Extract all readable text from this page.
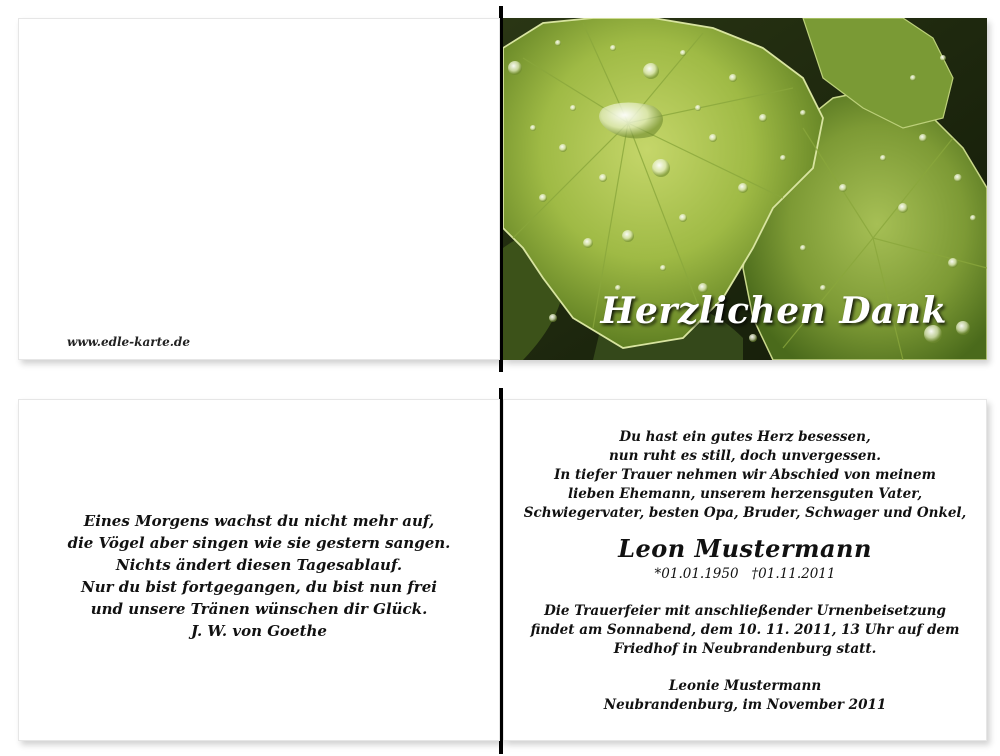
www.edle-karte.de
Herzlichen Dank
Eines Morgens wachst du nicht mehr auf,
die Vögel aber singen wie sie gestern sangen.
Nichts ändert diesen Tagesablauf.
Nur du bist fortgegangen, du bist nun frei
und unsere Tränen wünschen dir Glück.
J. W. von Goethe
Du hast ein gutes Herz besessen,
nun ruht es still, doch unvergessen.
In tiefer Trauer nehmen wir Abschied von meinem
lieben Ehemann, unserem herzensguten Vater,
Schwiegervater, besten Opa, Bruder, Schwager und Onkel,
Leon Mustermann
*01.01.1950   †01.11.2011
Die Trauerfeier mit anschließender Urnenbeisetzung
findet am Sonnabend, dem 10. 11. 2011, 13 Uhr auf dem
Friedhof in Neubrandenburg statt.
Leonie Mustermann
Neubrandenburg, im November 2011
